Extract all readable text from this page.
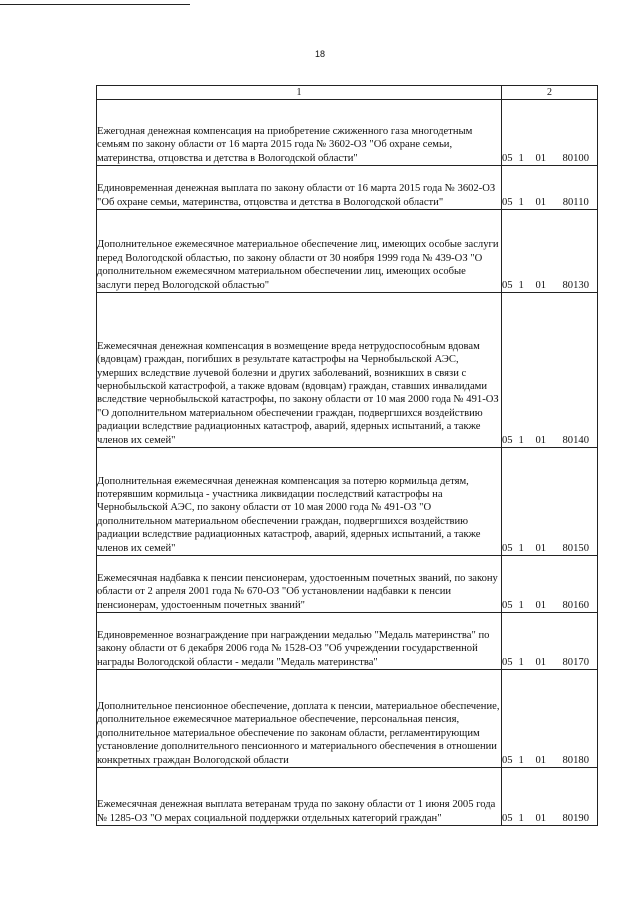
18
1	2			
Ежегодная денежная компенсация на приобретение сжиженного газа многодетным семьям по закону области от 16 марта 2015 года № 3602-ОЗ "Об охране семьи, материнства, отцовства и детства в Вологодской области"	05	1	01	80100
Единовременная денежная выплата по закону области от 16 марта 2015 года № 3602-ОЗ "Об охране семьи, материнства, отцовства и детства в Вологодской области"	05	1	01	80110
Дополнительное ежемесячное материальное обеспечение лиц, имеющих особые заслуги перед Вологодской областью, по закону области от 30 ноября 1999 года № 439-ОЗ "О дополнительном ежемесячном материальном обеспечении лиц, имеющих особые заслуги перед Вологодской областью"	05	1	01	80130
Ежемесячная денежная компенсация в возмещение вреда нетрудоспособным вдовам (вдовцам) граждан, погибших в результате катастрофы на Чернобыльской АЭС, умерших вследствие лучевой болезни и других заболеваний, возникших в связи с чернобыльской катастрофой, а также вдовам (вдовцам) граждан, ставших инвалидами вследствие чернобыльской катастрофы, по закону области от 10 мая 2000 года № 491-ОЗ "О дополнительном материальном обеспечении граждан, подвергшихся воздействию радиации вследствие радиационных катастроф, аварий, ядерных испытаний, а также членов их семей"	05	1	01	80140
Дополнительная ежемесячная денежная компенсация за потерю кормильца детям, потерявшим кормильца - участника ликвидации последствий катастрофы на Чернобыльской АЭС, по закону области от 10 мая 2000 года № 491-ОЗ "О дополнительном материальном обеспечении граждан, подвергшихся воздействию радиации вследствие радиационных катастроф, аварий, ядерных испытаний, а также членов их семей"	05	1	01	80150
Ежемесячная надбавка к пенсии пенсионерам, удостоенным почетных званий, по закону области от 2 апреля 2001 года № 670-ОЗ "Об установлении надбавки к пенсии пенсионерам, удостоенным почетных званий"	05	1	01	80160
Единовременное вознаграждение при награждении медалью "Медаль материнства" по закону области от 6 декабря 2006 года № 1528-ОЗ "Об учреждении государственной награды Вологодской области - медали "Медаль материнства"	05	1	01	80170
Дополнительное пенсионное обеспечение, доплата к пенсии, материальное обеспечение, дополнительное ежемесячное материальное обеспечение, персональная пенсия, дополнительное материальное обеспечение по законам области, регламентирующим установление дополнительного пенсионного и материального обеспечения в отношении конкретных граждан Вологодской области	05	1	01	80180
Ежемесячная денежная выплата ветеранам труда по закону области от 1 июня 2005 года № 1285-ОЗ "О мерах социальной поддержки отдельных категорий граждан"	05	1	01	80190
